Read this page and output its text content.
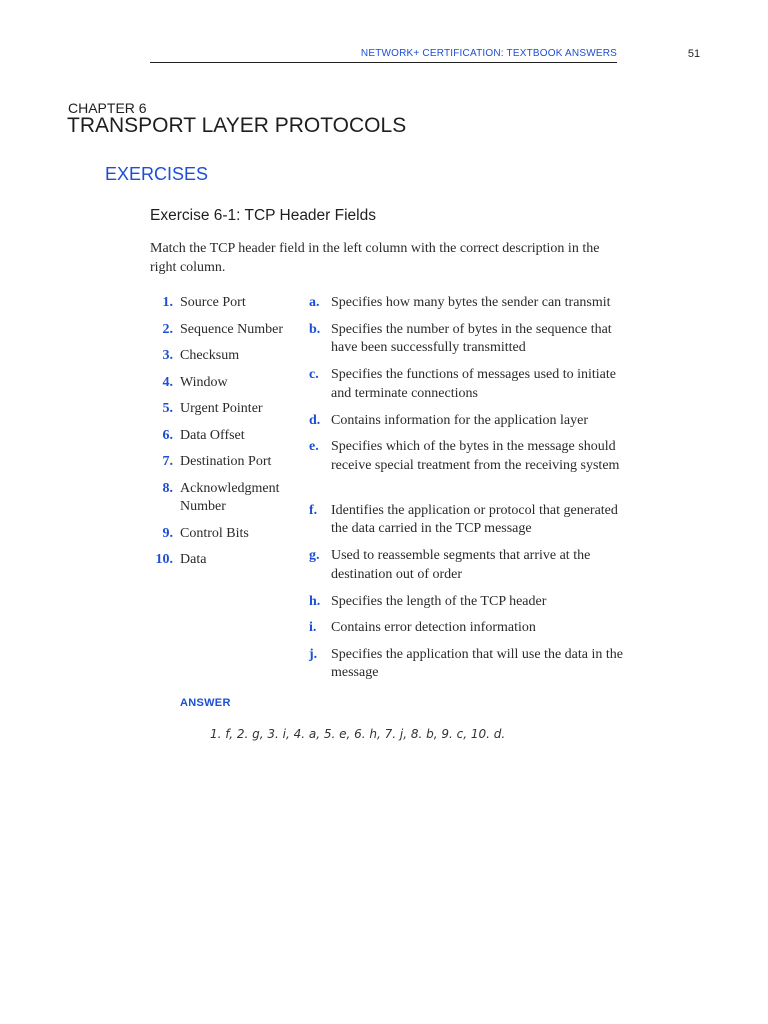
NETWORK+ CERTIFICATION: TEXTBOOK ANSWERS	51
CHAPTER 6
TRANSPORT LAYER PROTOCOLS
EXERCISES
Exercise 6-1: TCP Header Fields
Match the TCP header field in the left column with the correct description in the right column.
1. Source Port
2. Sequence Number
3. Checksum
4. Window
5. Urgent Pointer
6. Data Offset
7. Destination Port
8. Acknowledgment Number
9. Control Bits
10. Data
a. Specifies how many bytes the sender can transmit
b. Specifies the number of bytes in the sequence that have been successfully transmitted
c. Specifies the functions of messages used to initiate and terminate connections
d. Contains information for the application layer
e. Specifies which of the bytes in the message should receive special treatment from the receiving system
f. Identifies the application or protocol that generated the data carried in the TCP message
g. Used to reassemble segments that arrive at the destination out of order
h. Specifies the length of the TCP header
i.	Contains error detection information
j. Specifies the application that will use the data in the message
ANSWER
1. f, 2. g, 3. i, 4. a, 5. e, 6. h, 7. j, 8. b, 9. c, 10. d.
